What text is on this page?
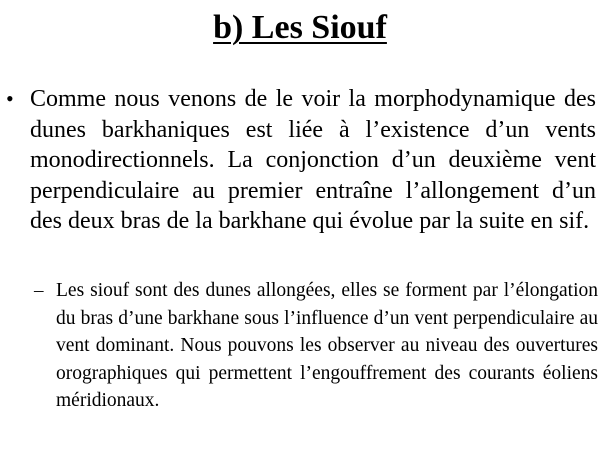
b) Les Siouf
• Comme nous venons de le voir la morphodynamique des dunes barkhaniques est liée à l’existence d’un vents monodirectionnels. La conjonction d’un deuxième vent perpendiculaire au premier entraîne l’allongement d’un des deux bras de la barkhane qui évolue par la suite en sif.

– Les siouf sont des dunes allongées, elles se forment par l’élongation du bras d’une barkhane sous l’influence d’un vent perpendiculaire au vent dominant. Nous pouvons les observer au niveau des ouvertures orographiques qui permettent l’engouffrement des courants éoliens méridionaux.
